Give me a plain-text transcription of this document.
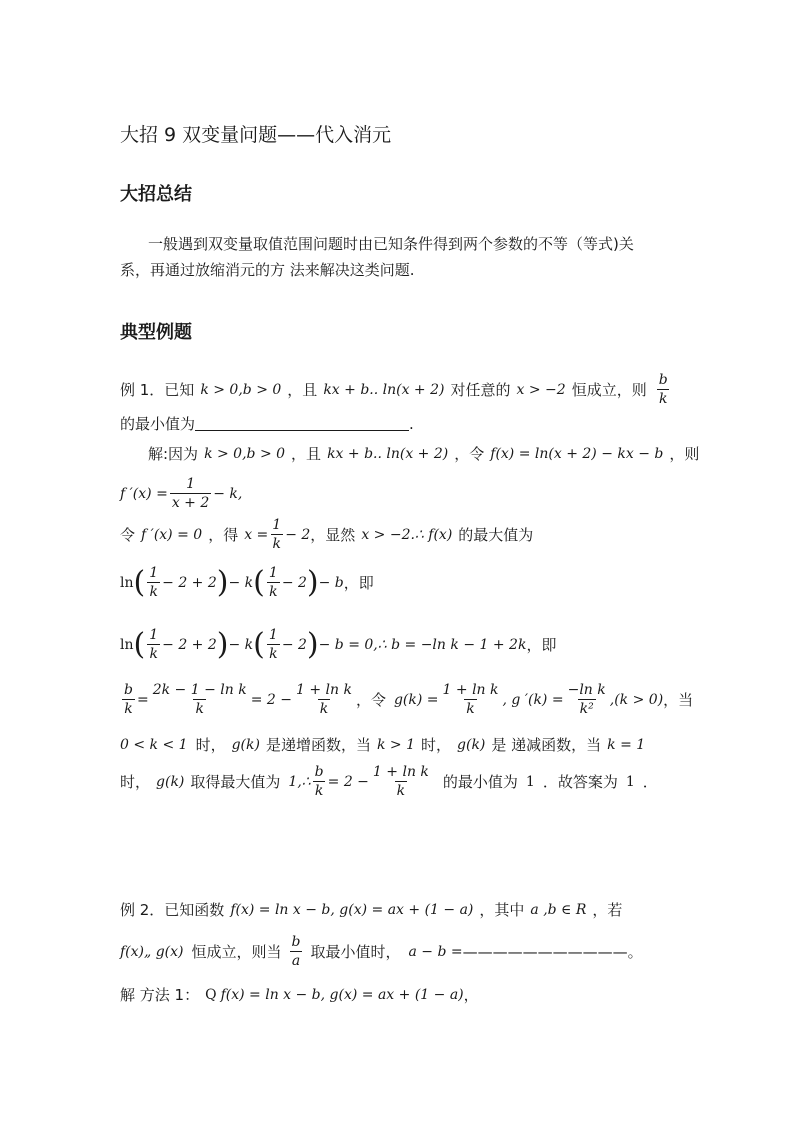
大招 9 双变量问题——代入消元
大招总结
一般遇到双变量取值范围问题时由已知条件得到两个参数的不等（等式)关
系，再通过放缩消元的方 法来解决这类问题.
典型例题
例 1．已知 k > 0,b > 0 ，且 kx + b.. ln(x + 2) 对任意的 x > −2 恒成立，则 $\frac{b}{k}$
的最小值为	.
解:因为 k > 0,b > 0 ，且 kx + b.. ln(x + 2) ，令 f(x) = ln(x + 2) − kx − b ，则
f $'(x) = \frac{1}{x + 2} - k$,
令 f ′(x) = 0 ，得 $x = \frac{1}{k} - 2$ ，显然 x > −2.∴ f(x) 的最大值为
ln ( $\frac{1}{k} - 2 + 2$ ) − k ( $\frac{1}{k} - 2$ ) − b ，即
ln ( $\frac{1}{k} - 2 + 2$ ) − k ( $\frac{1}{k} - 2$ ) − b = 0,∴ b = −ln k − 1 + 2k ，即
$\frac{b}{k} = \frac{\text{2k − 1 − ln k}}{k} = 2 - \frac{\text{1 + ln k}}{k}$ ，令 $g(k) = \frac{\text{1 + ln k}}{k}$ , g $'(k) = \frac{\text{−ln k}}{\text{k²}} ,(k > 0)$ ，当
0 < k < 1 时， g(k) 是递增函数，当 k > 1 时， g(k) 是 递减函数，当 k = 1
时， g(k) 取得最大值为 1,∴ $\frac{b}{k} = 2 - \frac{\text{1 + ln k}}{k}$ 的最小值为 1 ．故答案为 1 ．
例 2．已知函数 f(x) = ln x − b, g(x) = ax + (1 − a) ，其中 a ,b ∈ R ，若
f(x)„ g(x) 恒成立，则当 $\frac{b}{a}$ 取最小值时， a − b = ——————————— 。
解 方法 1： Q f(x) = ln x − b, g(x) = ax + (1 − a) ，
